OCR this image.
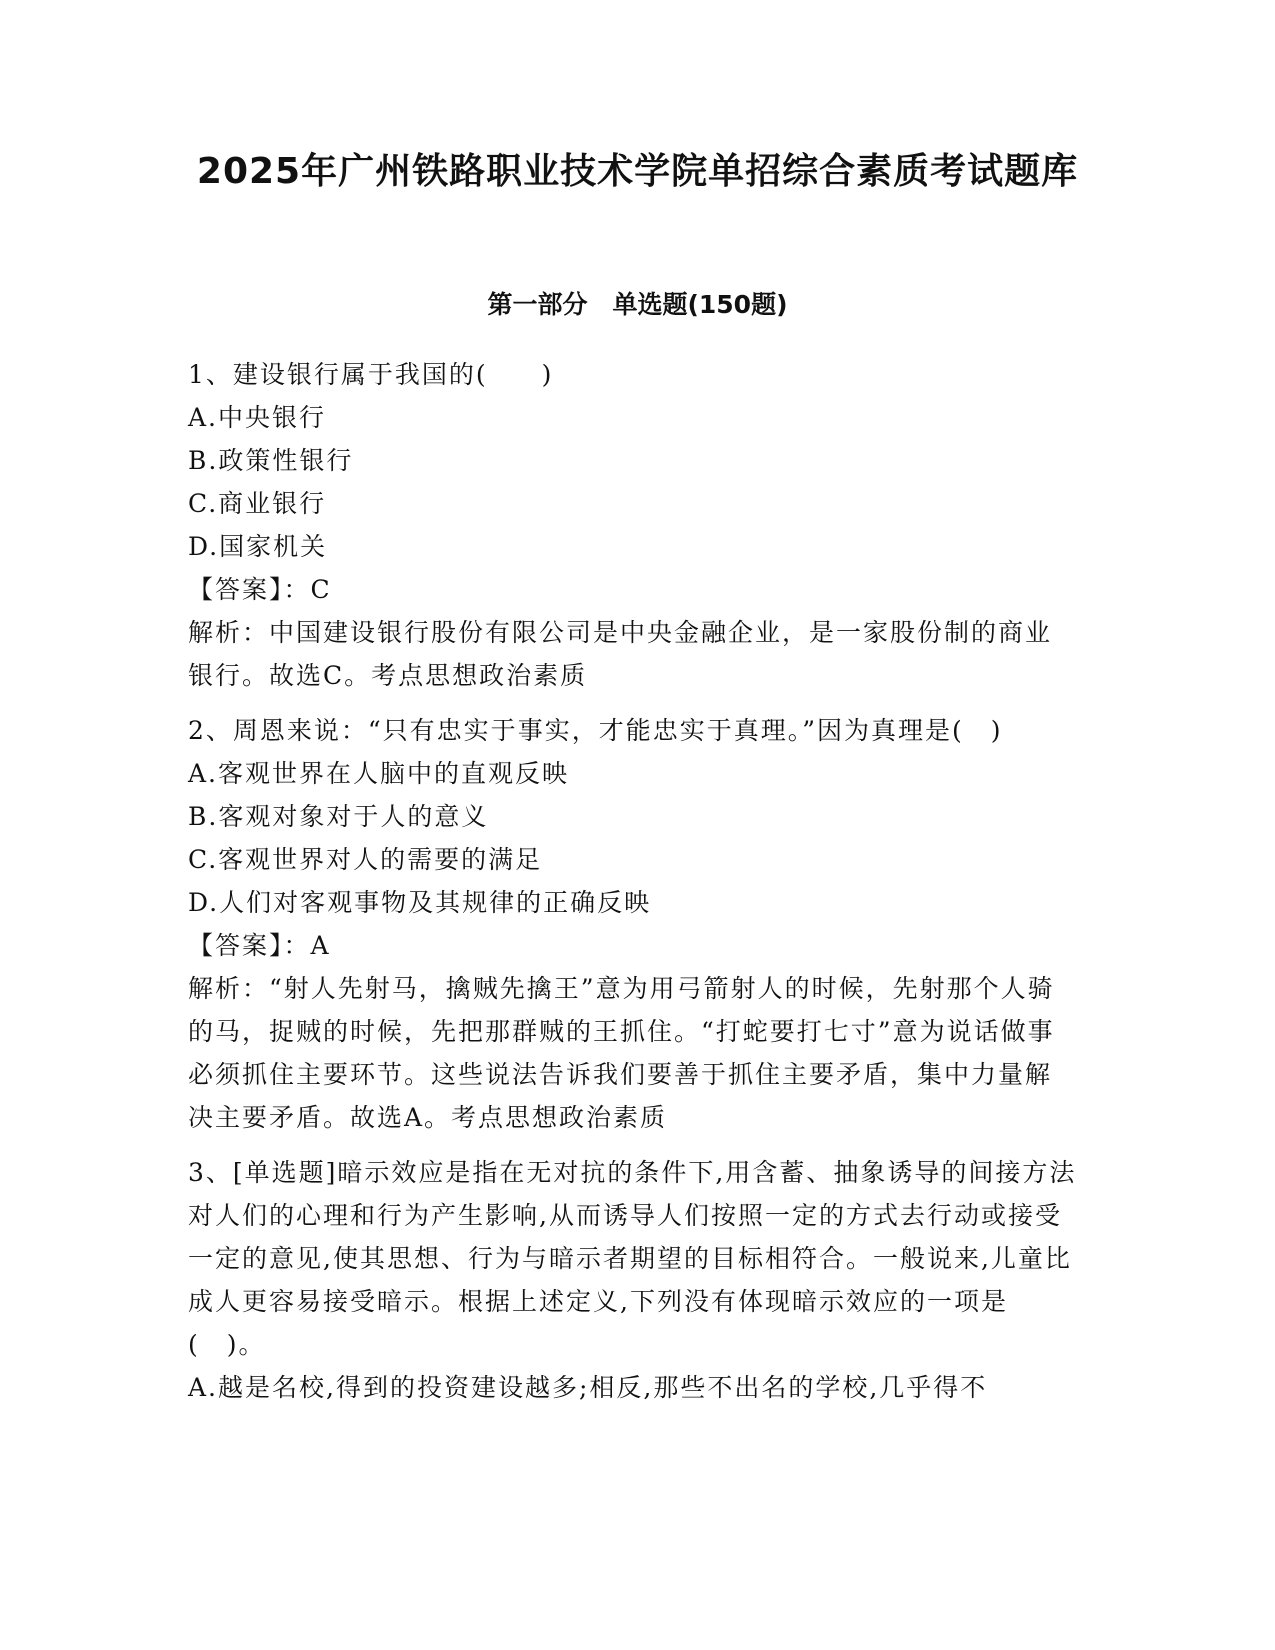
2025年广州铁路职业技术学院单招综合素质考试题库
第一部分　单选题(150题)
1、建设银行属于我国的(　　)
A.中央银行
B.政策性银行
C.商业银行
D.国家机关
【答案】：C
解析：中国建设银行股份有限公司是中央金融企业，是一家股份制的商业银行。故选C。考点思想政治素质
2、周恩来说：“只有忠实于事实，才能忠实于真理。”因为真理是(　)
A.客观世界在人脑中的直观反映
B.客观对象对于人的意义
C.客观世界对人的需要的满足
D.人们对客观事物及其规律的正确反映
【答案】：A
解析：“射人先射马，擒贼先擒王”意为用弓箭射人的时候，先射那个人骑的马，捉贼的时候，先把那群贼的王抓住。“打蛇要打七寸”意为说话做事必须抓住主要环节。这些说法告诉我们要善于抓住主要矛盾，集中力量解决主要矛盾。故选A。考点思想政治素质
3、[单选题]暗示效应是指在无对抗的条件下,用含蓄、抽象诱导的间接方法对人们的心理和行为产生影响,从而诱导人们按照一定的方式去行动或接受一定的意见,使其思想、行为与暗示者期望的目标相符合。一般说来,儿童比成人更容易接受暗示。根据上述定义,下列没有体现暗示效应的一项是(　)。
A.越是名校,得到的投资建设越多;相反,那些不出名的学校,几乎得不
